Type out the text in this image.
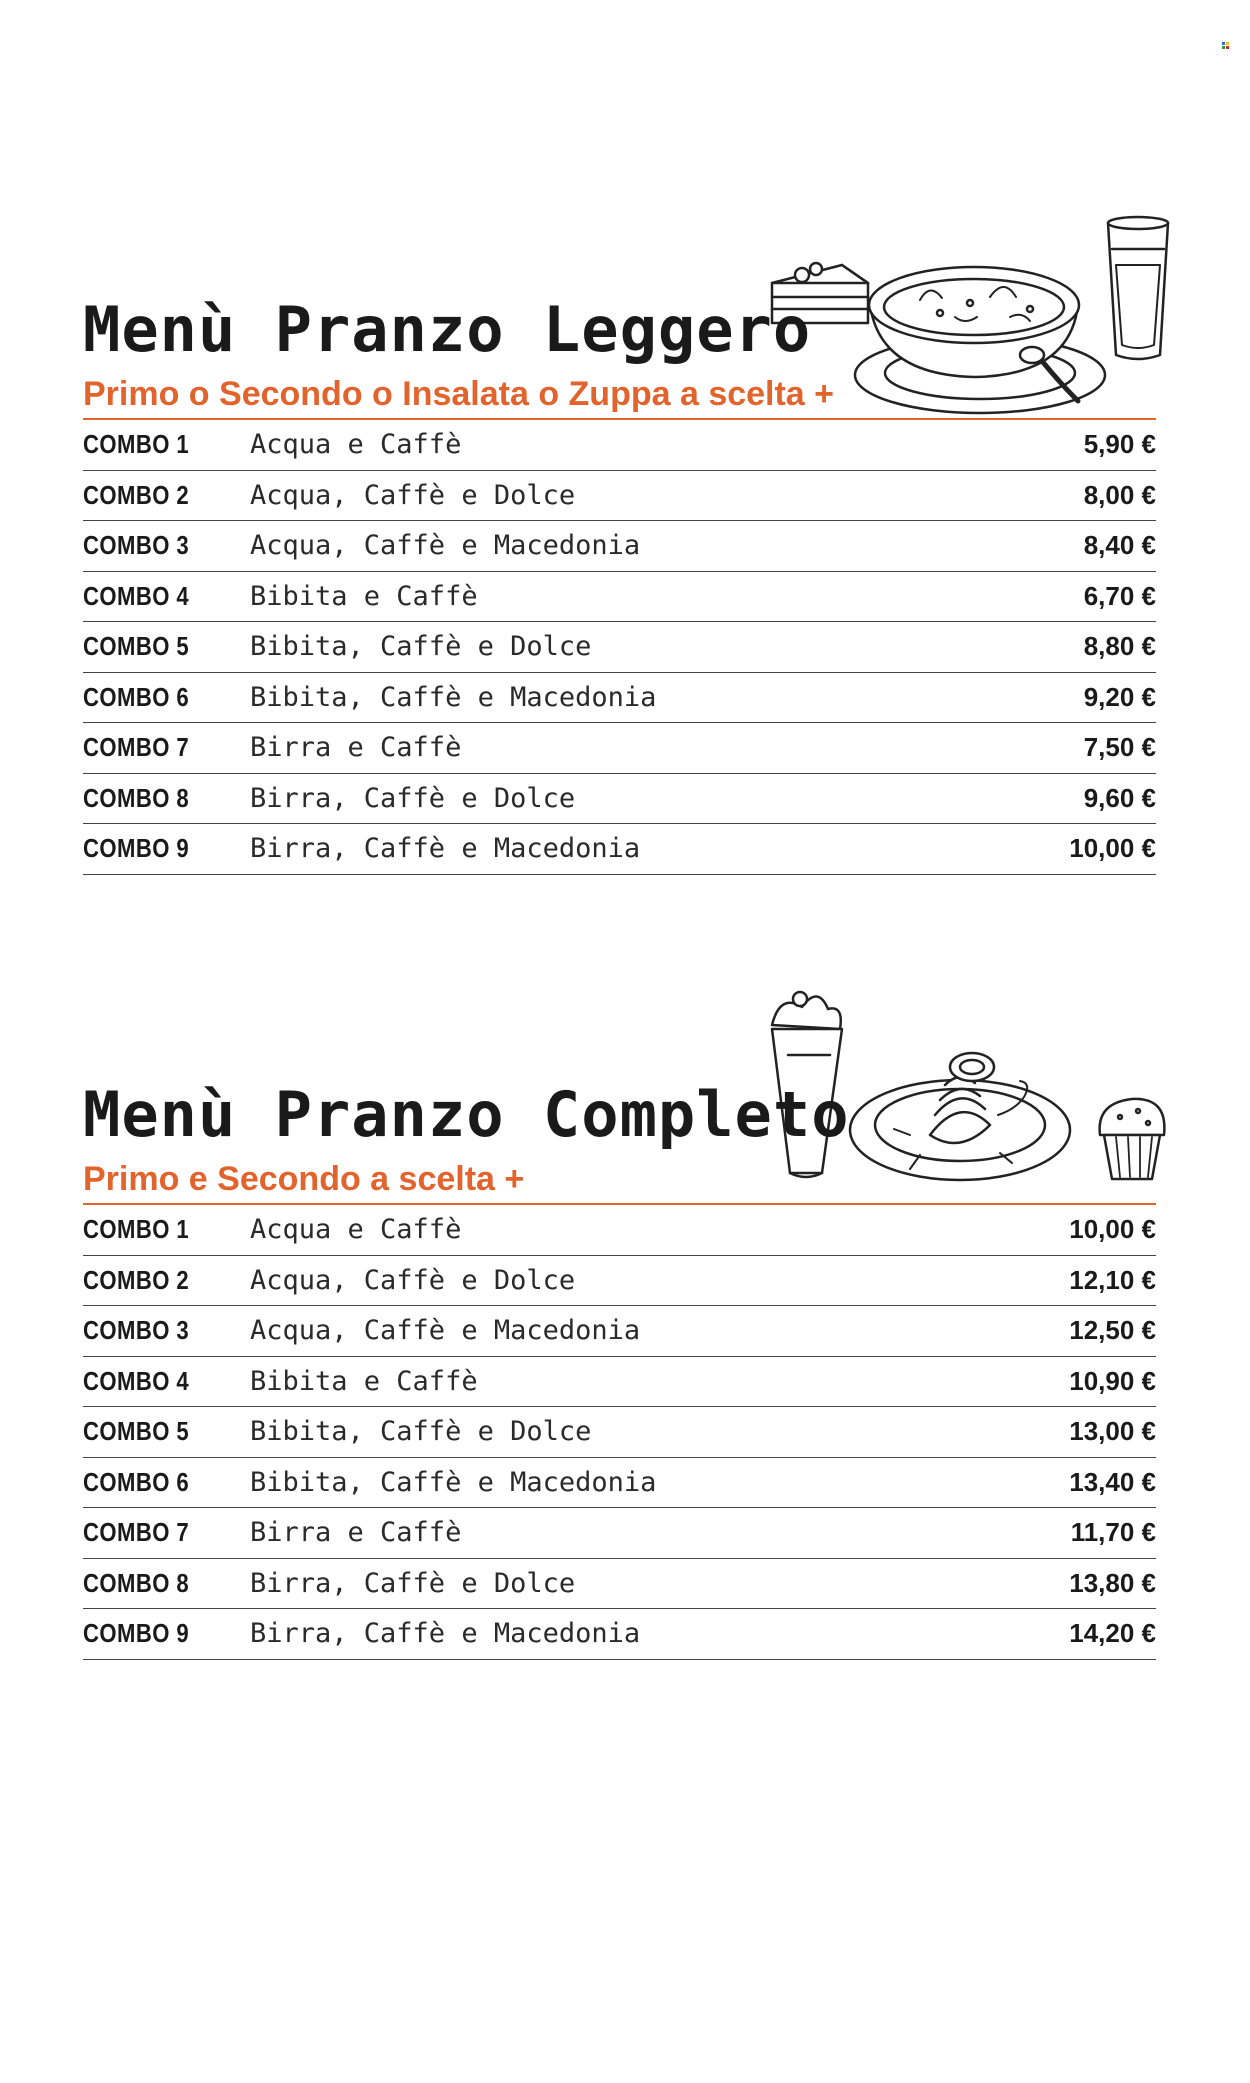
Menù Pranzo Leggero
Primo o Secondo o Insalata o Zuppa a scelta +
COMBO 1	Acqua e Caffè	5,90 €
COMBO 2	Acqua, Caffè e Dolce	8,00 €
COMBO 3	Acqua, Caffè e Macedonia	8,40 €
COMBO 4	Bibita e Caffè	6,70 €
COMBO 5	Bibita, Caffè e Dolce	8,80 €
COMBO 6	Bibita, Caffè e Macedonia	9,20 €
COMBO 7	Birra e Caffè	7,50 €
COMBO 8	Birra, Caffè e Dolce	9,60 €
COMBO 9	Birra, Caffè e Macedonia	10,00 €
Menù Pranzo Completo
Primo e Secondo a scelta +
COMBO 1	Acqua e Caffè	10,00 €
COMBO 2	Acqua, Caffè e Dolce	12,10 €
COMBO 3	Acqua, Caffè e Macedonia	12,50 €
COMBO 4	Bibita e Caffè	10,90 €
COMBO 5	Bibita, Caffè e Dolce	13,00 €
COMBO 6	Bibita, Caffè e Macedonia	13,40 €
COMBO 7	Birra e Caffè	11,70 €
COMBO 8	Birra, Caffè e Dolce	13,80 €
COMBO 9	Birra, Caffè e Macedonia	14,20 €
